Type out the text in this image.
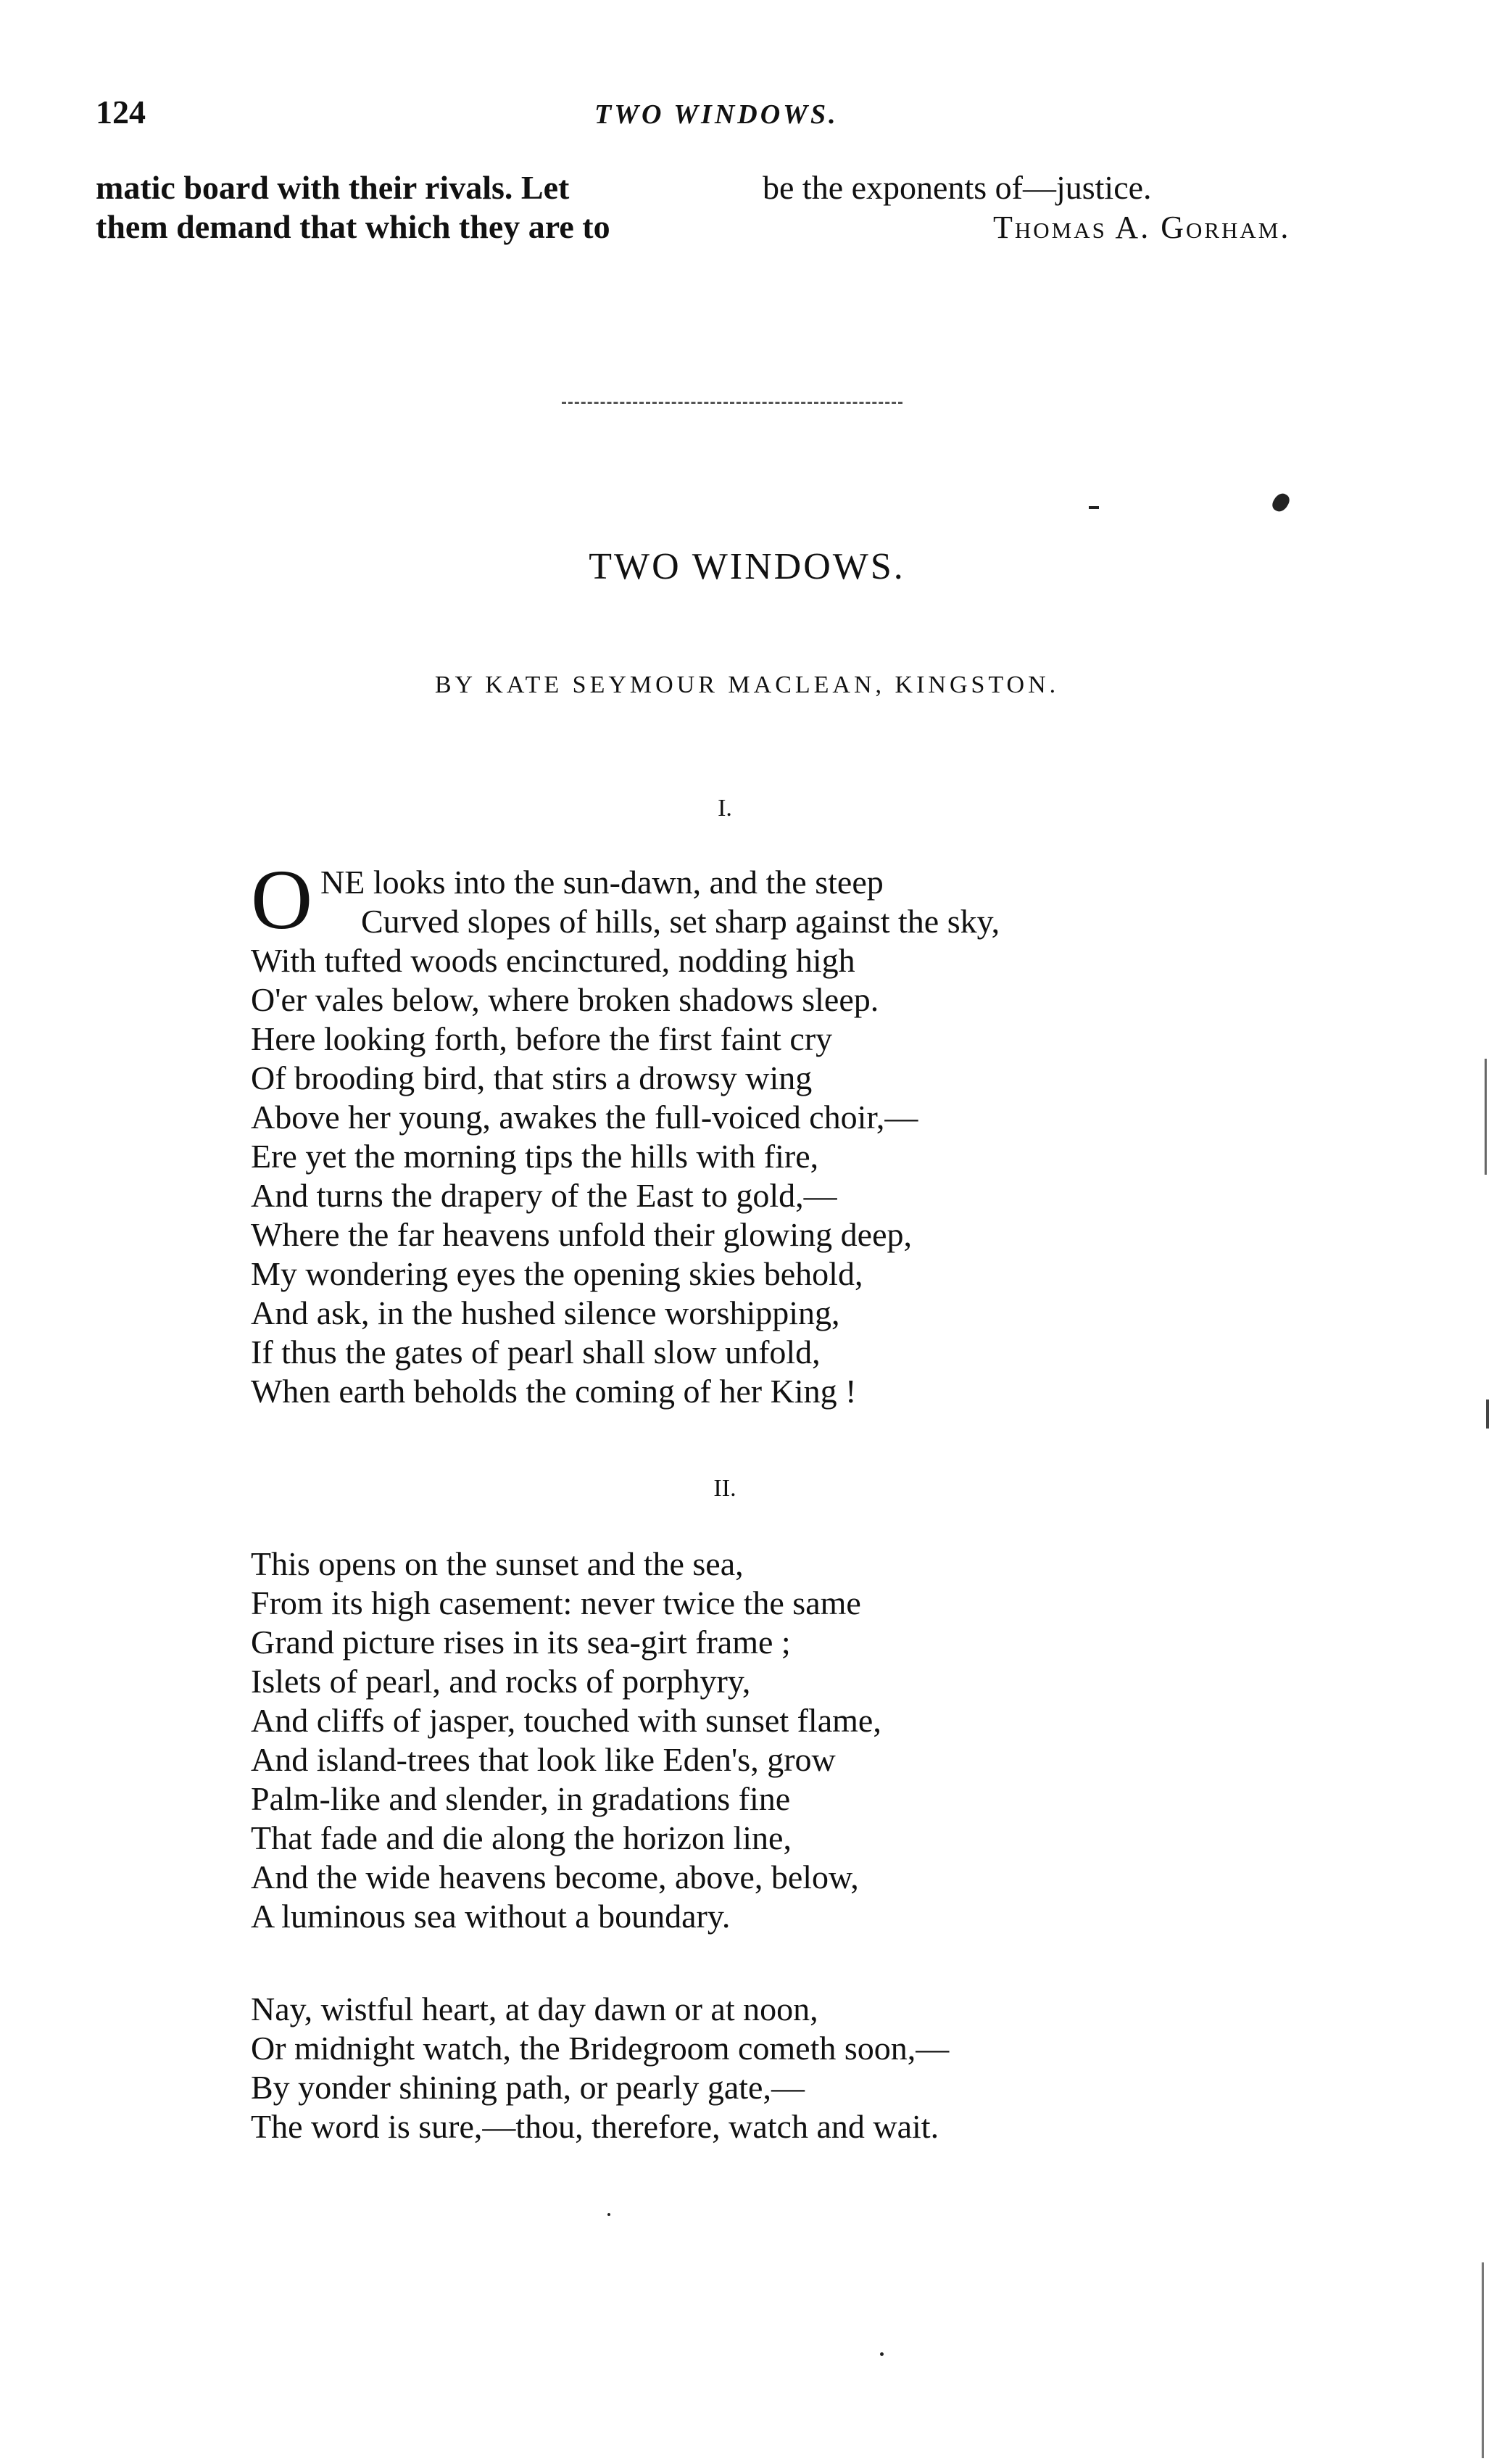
124	TWO WINDOWS.
matic board with their rivals. Let
them demand that which they are to
be the exponents of—justice.
Thomas A. Gorham.
TWO WINDOWS.
BY KATE SEYMOUR MACLEAN, KINGSTON.
I.
O NE looks into the sun-dawn, and the steep
Curved slopes of hills, set sharp against the sky,
With tufted woods encinctured, nodding high
O'er vales below, where broken shadows sleep.
Here looking forth, before the first faint cry
Of brooding bird, that stirs a drowsy wing
Above her young, awakes the full-voiced choir,—
Ere yet the morning tips the hills with fire,
And turns the drapery of the East to gold,—
Where the far heavens unfold their glowing deep,
My wondering eyes the opening skies behold,
And ask, in the hushed silence worshipping,
If thus the gates of pearl shall slow unfold,
When earth beholds the coming of her King !
II.
This opens on the sunset and the sea,
From its high casement: never twice the same
Grand picture rises in its sea-girt frame ;
Islets of pearl, and rocks of porphyry,
And cliffs of jasper, touched with sunset flame,
And island-trees that look like Eden's, grow
Palm-like and slender, in gradations fine
That fade and die along the horizon line,
And the wide heavens become, above, below,
A luminous sea without a boundary.
Nay, wistful heart, at day dawn or at noon,
Or midnight watch, the Bridegroom cometh soon,—
By yonder shining path, or pearly gate,—
The word is sure,—thou, therefore, watch and wait.
